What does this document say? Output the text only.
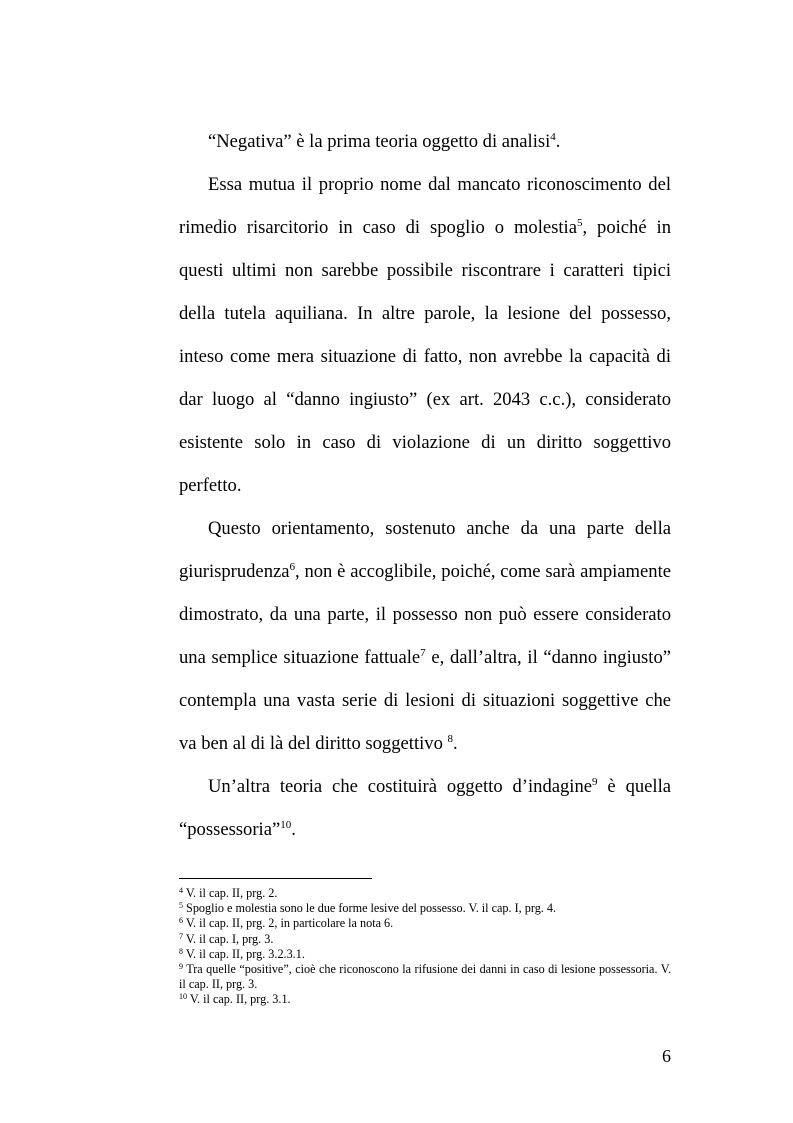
“Negativa” è la prima teoria oggetto di analisi$^4$.

Essa mutua il proprio nome dal mancato riconoscimento del rimedio risarcitorio in caso di spoglio o molestia$^5$, poiché in questi ultimi non sarebbe possibile riscontrare i caratteri tipici della tutela aquiliana. In altre parole, la lesione del possesso, inteso come mera situazione di fatto, non avrebbe la capacità di dar luogo al “danno ingiusto” (ex art. 2043 c.c.), considerato esistente solo in caso di violazione di un diritto soggettivo perfetto.

Questo orientamento, sostenuto anche da una parte della giurisprudenza$^6$, non è accoglibile, poiché, come sarà ampiamente dimostrato, da una parte, il possesso non può essere considerato una semplice situazione fattuale$^7$ e, dall’altra, il “danno ingiusto” contempla una vasta serie di lesioni di situazioni soggettive che va ben al di là del diritto soggettivo $^8$.

Un’altra teoria che costituirà oggetto d’indagine$^9$ è quella “possessoria”$^{10}$.

$^4$ V. il cap. II, prg. 2.

$^5$ Spoglio e molestia sono le due forme lesive del possesso. V. il cap. I, prg. 4.

$^6$ V. il cap. II, prg. 2, in particolare la nota 6.

$^7$ V. il cap. I, prg. 3.

$^8$ V. il cap. II, prg. 3.2.3.1.

$^9$ Tra quelle “positive”, cioè che riconoscono la rifusione dei danni in caso di lesione possessoria. V. il cap. II, prg. 3.

$^{10}$ V. il cap. II, prg. 3.1.

6
